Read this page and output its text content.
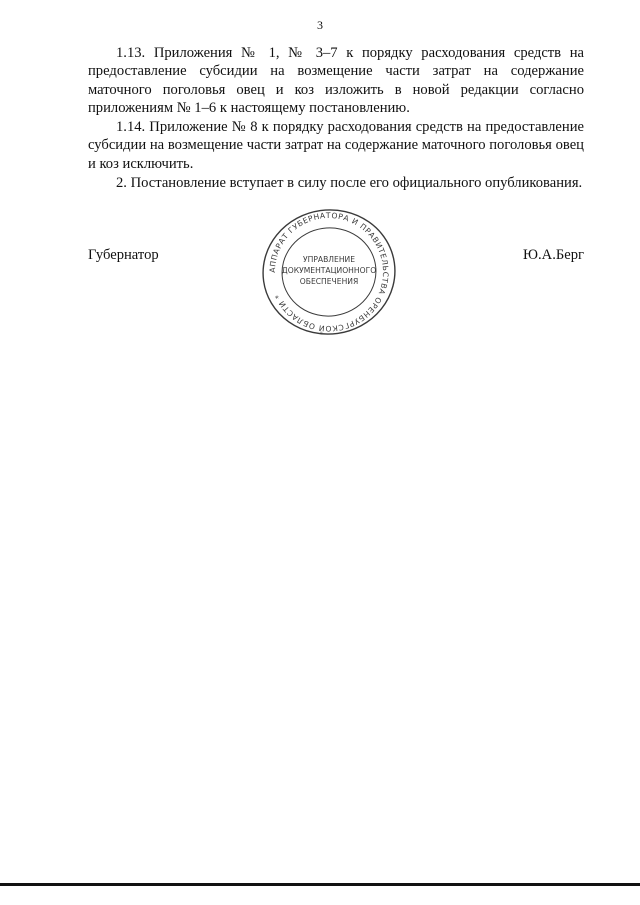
3

1.13. Приложения № 1, № 3–7 к порядку расходования средств на предоставление субсидии на возмещение части затрат на содержание маточного поголовья овец и коз изложить в новой редакции согласно приложениям № 1–6 к настоящему постановлению.

1.14. Приложение № 8 к порядку расходования средств на предоставление субсидии на возмещение части затрат на содержание маточного поголовья овец и коз исключить.

2. Постановление вступает в силу после его официального опубликования.

Губернатор	Ю.А.Берг
АППАРАТ ГУБЕРНАТОРА И ПРАВИТЕЛЬСТВА ОРЕНБУРГСКОЙ ОБЛАСТИ *
УПРАВЛЕНИЕ
ДОКУМЕНТАЦИОННОГО
ОБЕСПЕЧЕНИЯ
